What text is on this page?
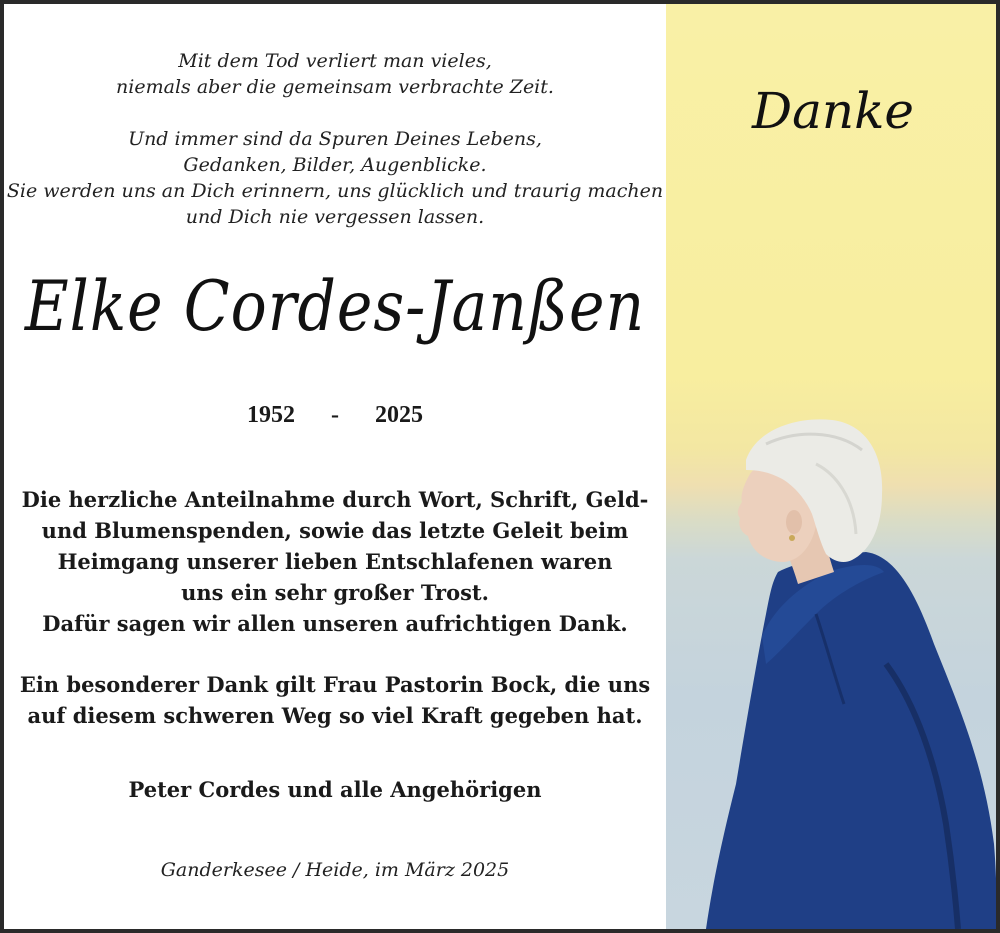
Mit dem Tod verliert man vieles,
niemals aber die gemeinsam verbrachte Zeit.

Und immer sind da Spuren Deines Lebens,
Gedanken, Bilder, Augenblicke.
Sie werden uns an Dich erinnern, uns glücklich und traurig machen
und Dich nie vergessen lassen.

Elke Cordes-Janßen
1952 - 2025
Die herzliche Anteilnahme durch Wort, Schrift, Geld-
und Blumenspenden, sowie das letzte Geleit beim
Heimgang unserer lieben Entschlafenen waren
uns ein sehr großer Trost.
Dafür sagen wir allen unseren aufrichtigen Dank.
Ein besonderer Dank gilt Frau Pastorin Bock, die uns
auf diesem schweren Weg so viel Kraft gegeben hat.
Peter Cordes und alle Angehörigen
Ganderkesee / Heide, im März 2025
Danke
